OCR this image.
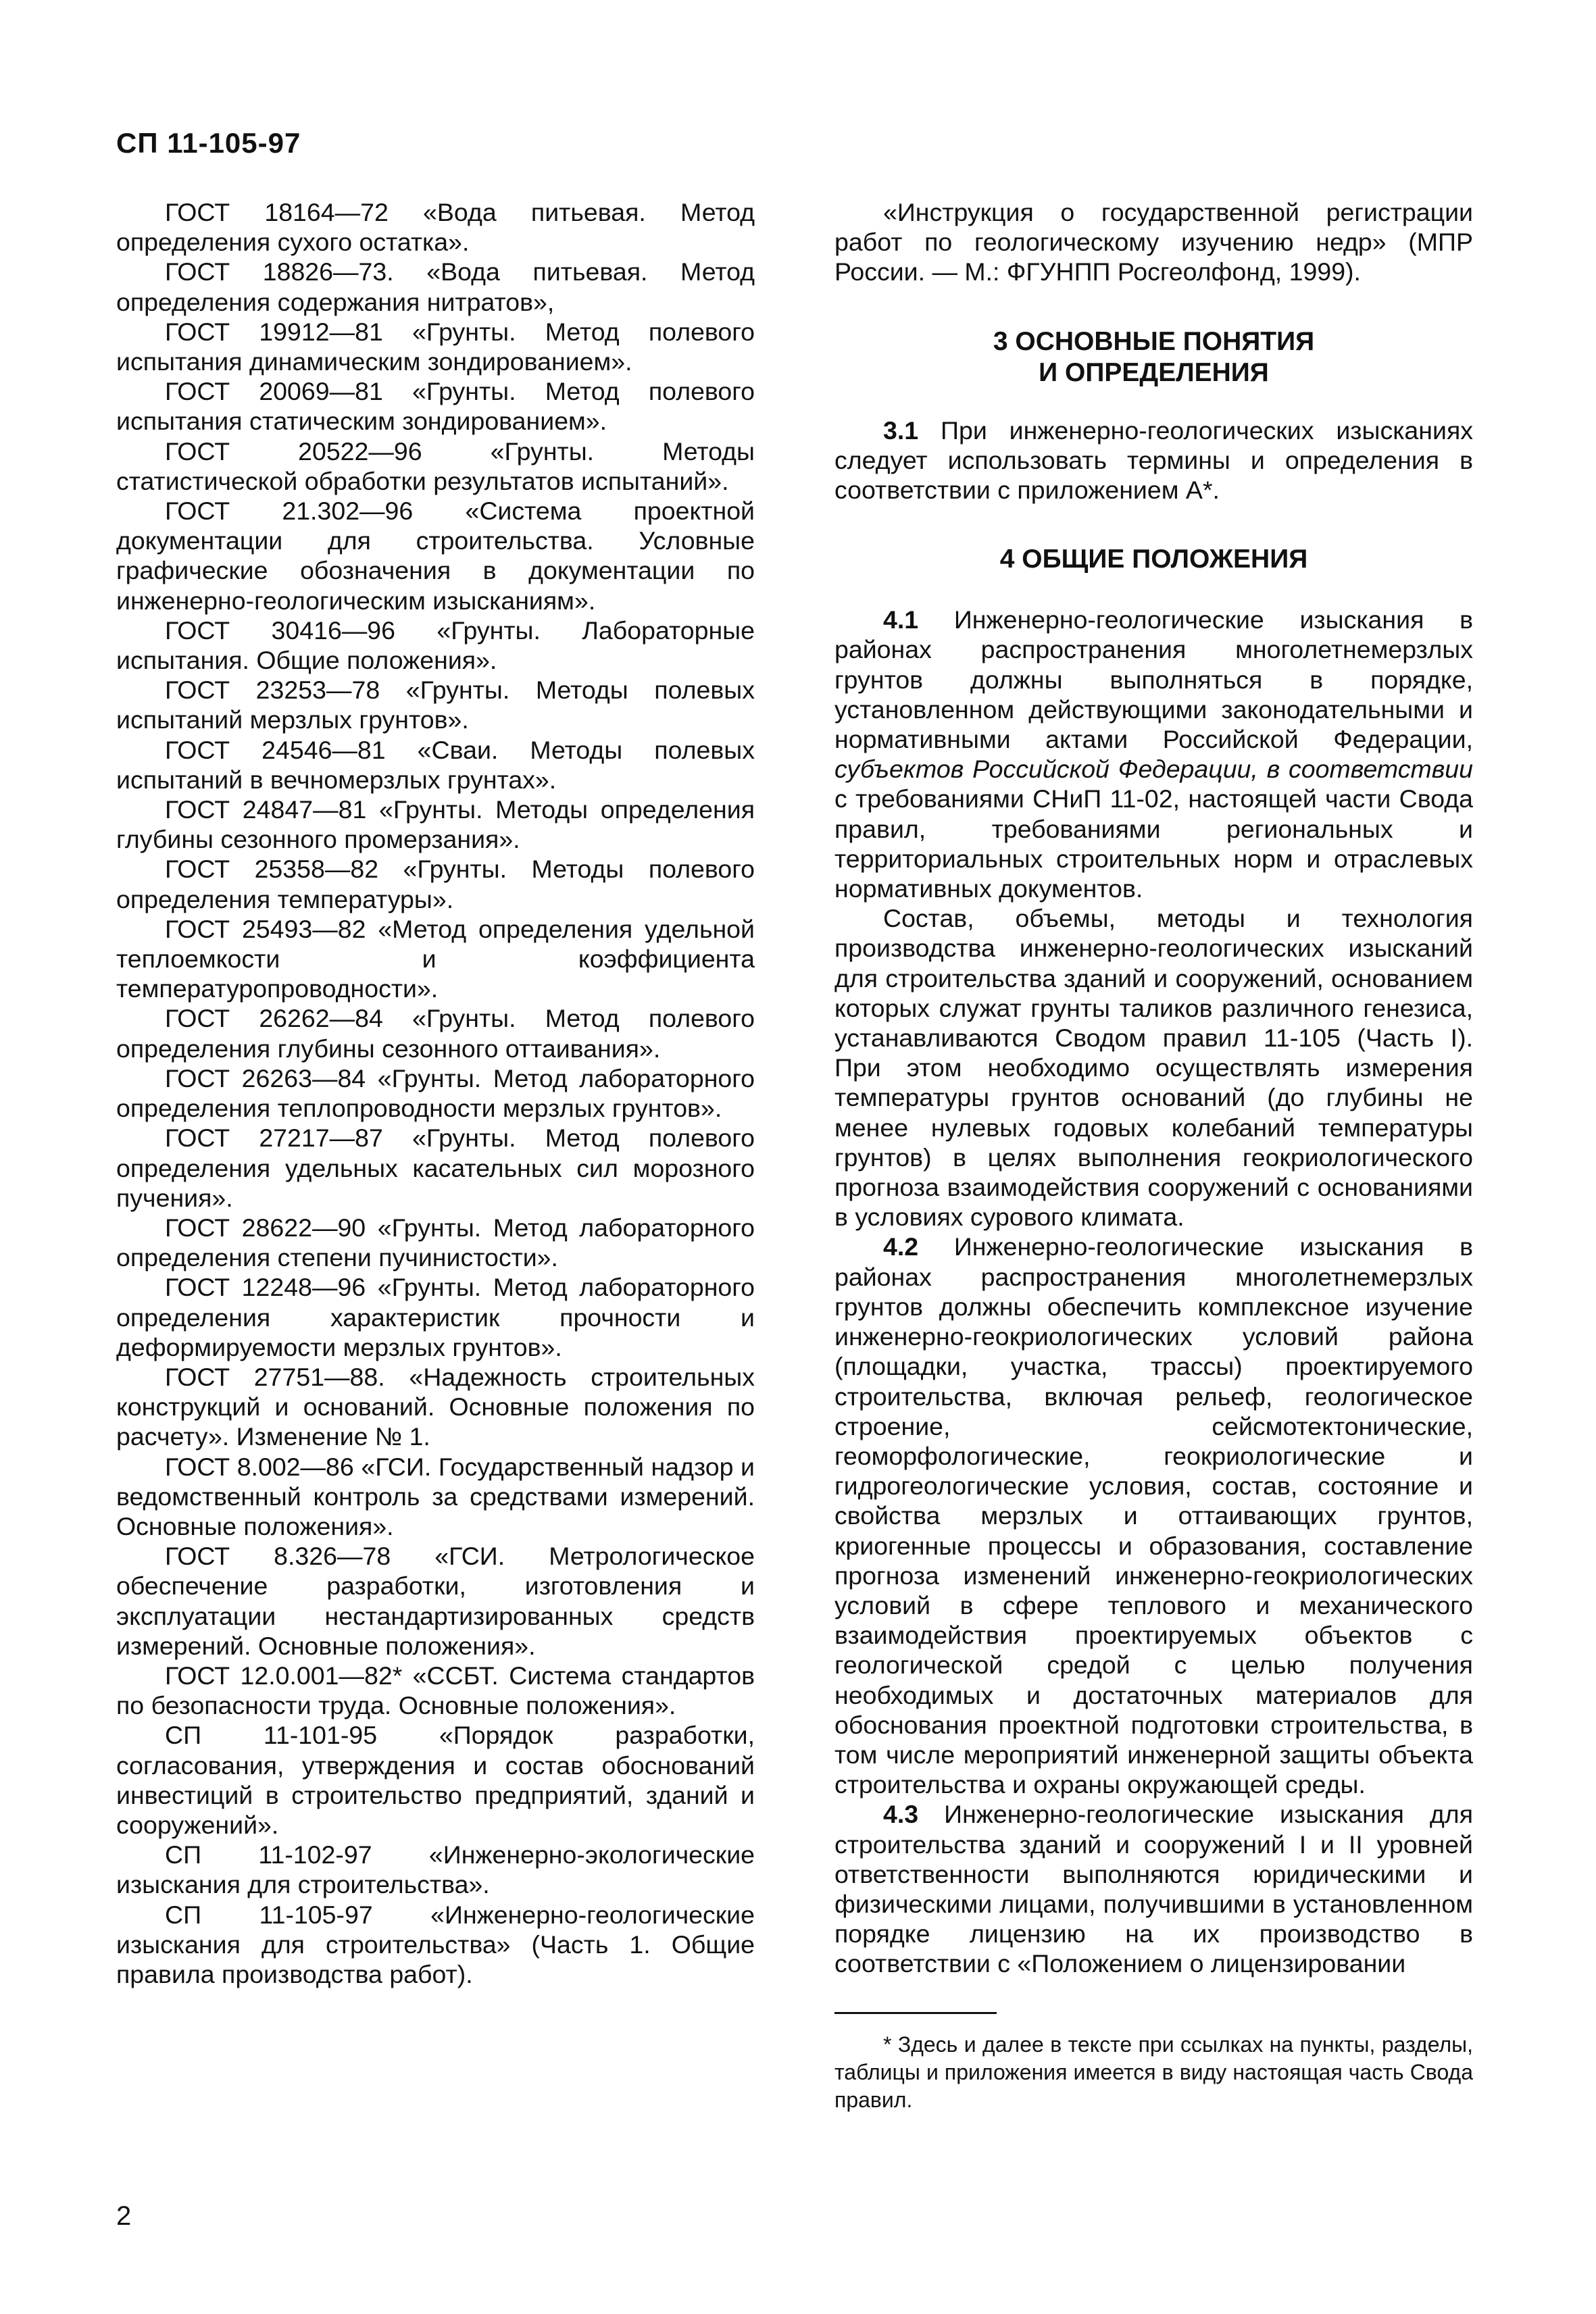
СП 11-105-97

ГОСТ 18164—72 «Вода питьевая. Метод определения сухого остатка».

ГОСТ 18826—73. «Вода питьевая. Метод определения содержания нитратов»,

ГОСТ 19912—81 «Грунты. Метод полевого испытания динамическим зондированием».

ГОСТ 20069—81 «Грунты. Метод полевого испытания статическим зондированием».

ГОСТ 20522—96 «Грунты. Методы статистической обработки результатов испытаний».

ГОСТ 21.302—96 «Система проектной документации для строительства. Условные графические обозначения в документации по инженерно-геологическим изысканиям».

ГОСТ 30416—96 «Грунты. Лабораторные испытания. Общие положения».

ГОСТ 23253—78 «Грунты. Методы полевых испытаний мерзлых грунтов».

ГОСТ 24546—81 «Сваи. Методы полевых испытаний в вечномерзлых грунтах».

ГОСТ 24847—81 «Грунты. Методы определения глубины сезонного промерзания».

ГОСТ 25358—82 «Грунты. Методы полевого определения температуры».

ГОСТ 25493—82 «Метод определения удельной теплоемкости и коэффициента температуропроводности».

ГОСТ 26262—84 «Грунты. Метод полевого определения глубины сезонного оттаивания».

ГОСТ 26263—84 «Грунты. Метод лабораторного определения теплопроводности мерзлых грунтов».

ГОСТ 27217—87 «Грунты. Метод полевого определения удельных касательных сил морозного пучения».

ГОСТ 28622—90 «Грунты. Метод лабораторного определения степени пучинистости».

ГОСТ 12248—96 «Грунты. Метод лабораторного определения характеристик прочности и деформируемости мерзлых грунтов».

ГОСТ 27751—88. «Надежность строительных конструкций и оснований. Основные положения по расчету». Изменение № 1.

ГОСТ 8.002—86 «ГСИ. Государственный надзор и ведомственный контроль за средствами измерений. Основные положения».

ГОСТ 8.326—78 «ГСИ. Метрологическое обеспечение разработки, изготовления и эксплуатации нестандартизированных средств измерений. Основные положения».

ГОСТ 12.0.001—82* «ССБТ. Система стандартов по безопасности труда. Основные положения».

СП 11-101-95 «Порядок разработки, согласования, утверждения и состав обоснований инвестиций в строительство предприятий, зданий и сооружений».

СП 11-102-97 «Инженерно-экологические изыскания для строительства».

СП 11-105-97 «Инженерно-геологические изыскания для строительства» (Часть 1. Общие правила производства работ).

«Инструкция о государственной регистрации работ по геологическому изучению недр» (МПР России. — М.: ФГУНПП Росгеолфонд, 1999).

3 ОСНОВНЫЕ ПОНЯТИЯ
И ОПРЕДЕЛЕНИЯ

3.1 При инженерно-геологических изысканиях следует использовать термины и определения в соответствии с приложением А*.

4 ОБЩИЕ ПОЛОЖЕНИЯ

4.1 Инженерно-геологические изыскания в районах распространения многолетнемерзлых грунтов должны выполняться в порядке, установленном действующими законодательными и нормативными актами Российской Федерации, субъектов Российской Федерации, в соответствии с требованиями СНиП 11-02, настоящей части Свода правил, требованиями региональных и территориальных строительных норм и отраслевых нормативных документов.

Состав, объемы, методы и технология производства инженерно-геологических изысканий для строительства зданий и сооружений, основанием которых служат грунты таликов различного генезиса, устанавливаются Сводом правил 11-105 (Часть I). При этом необходимо осуществлять измерения температуры грунтов оснований (до глубины не менее нулевых годовых колебаний температуры грунтов) в целях выполнения геокриологического прогноза взаимодействия сооружений с основаниями в условиях сурового климата.

4.2 Инженерно-геологические изыскания в районах распространения многолетнемерзлых грунтов должны обеспечить комплексное изучение инженерно-геокриологических условий района (площадки, участка, трассы) проектируемого строительства, включая рельеф, геологическое строение, сейсмотектонические, геоморфологические, геокриологические и гидрогеологические условия, состав, состояние и свойства мерзлых и оттаивающих грунтов, криогенные процессы и образования, составление прогноза изменений инженерно-геокриологических условий в сфере теплового и механического взаимодействия проектируемых объектов с геологической средой с целью получения необходимых и достаточных материалов для обоснования проектной подготовки строительства, в том числе мероприятий инженерной защиты объекта строительства и охраны окружающей среды.

4.3 Инженерно-геологические изыскания для строительства зданий и сооружений I и II уровней ответственности выполняются юридическими и физическими лицами, получившими в установленном порядке лицензию на их производство в соответствии с «Положением о лицензировании

* Здесь и далее в тексте при ссылках на пункты, разделы, таблицы и приложения имеется в виду настоящая часть Свода правил.

2
